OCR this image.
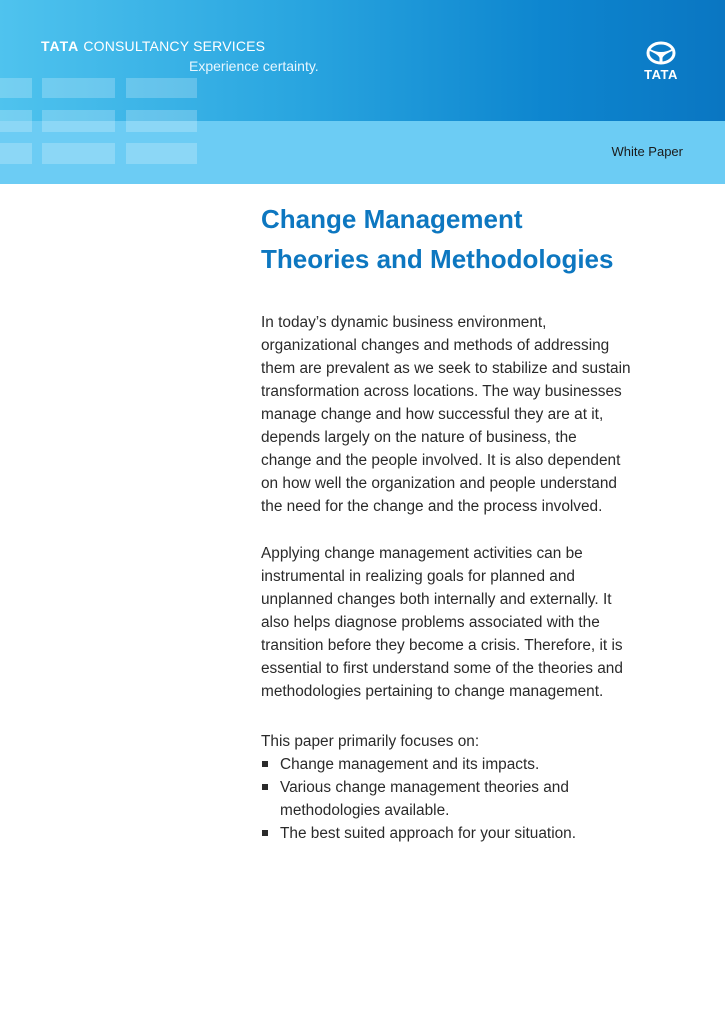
TATA CONSULTANCY SERVICES
Experience certainty.
TATA
White Paper
Change Management
Theories and Methodologies

In today’s dynamic business environment,
organizational changes and methods of addressing
them are prevalent as we seek to stabilize and sustain
transformation across locations. The way businesses
manage change and how successful they are at it,
depends largely on the nature of business, the
change and the people involved. It is also dependent
on how well the organization and people understand
the need for the change and the process involved.

Applying change management activities can be
instrumental in realizing goals for planned and
unplanned changes both internally and externally. It
also helps diagnose problems associated with the
transition before they become a crisis. Therefore, it is
essential to first understand some of the theories and
methodologies pertaining to change management.

This paper primarily focuses on:

Change management and its impacts.
Various change management theories and
methodologies available.
The best suited approach for your situation.
